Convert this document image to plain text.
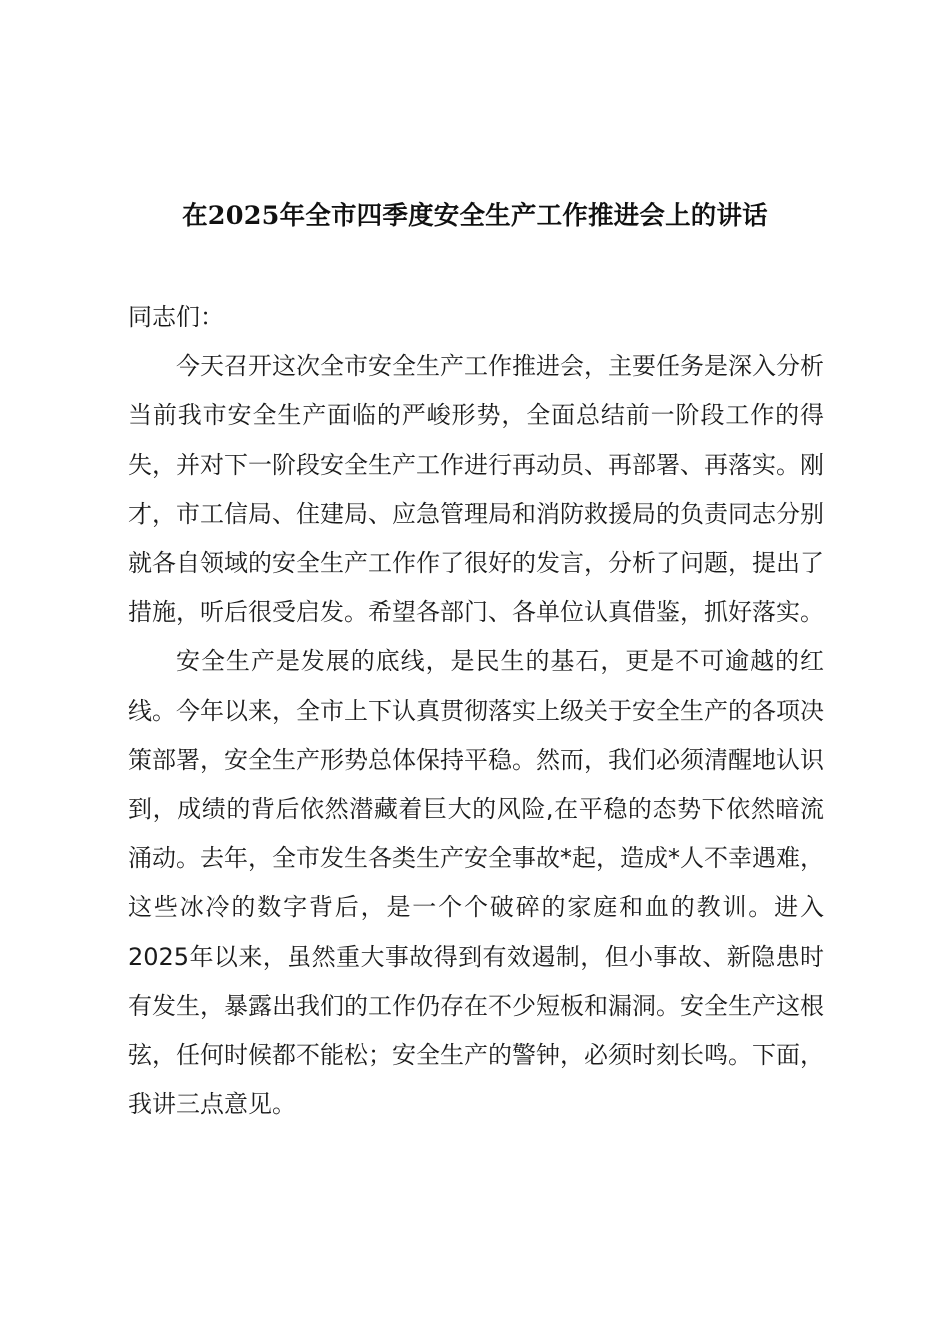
在2025年全市四季度安全生产工作推进会上的讲话

同志们：

今天召开这次全市安全生产工作推进会，主要任务是深入分析当前我市安全生产面临的严峻形势，全面总结前一阶段工作的得失，并对下一阶段安全生产工作进行再动员、再部署、再落实。刚才，市工信局、住建局、应急管理局和消防救援局的负责同志分别就各自领域的安全生产工作作了很好的发言，分析了问题，提出了措施，听后很受启发。希望各部门、各单位认真借鉴，抓好落实。

安全生产是发展的底线，是民生的基石，更是不可逾越的红线。今年以来，全市上下认真贯彻落实上级关于安全生产的各项决策部署，安全生产形势总体保持平稳。然而，我们必须清醒地认识到，成绩的背后依然潜藏着巨大的风险,在平稳的态势下依然暗流涌动。去年，全市发生各类生产安全事故*起，造成*人不幸遇难，这些冰冷的数字背后，是一个个破碎的家庭和血的教训。进入2025年以来，虽然重大事故得到有效遏制，但小事故、新隐患时有发生，暴露出我们的工作仍存在不少短板和漏洞。安全生产这根弦，任何时候都不能松；安全生产的警钟，必须时刻长鸣。下面，我讲三点意见。
